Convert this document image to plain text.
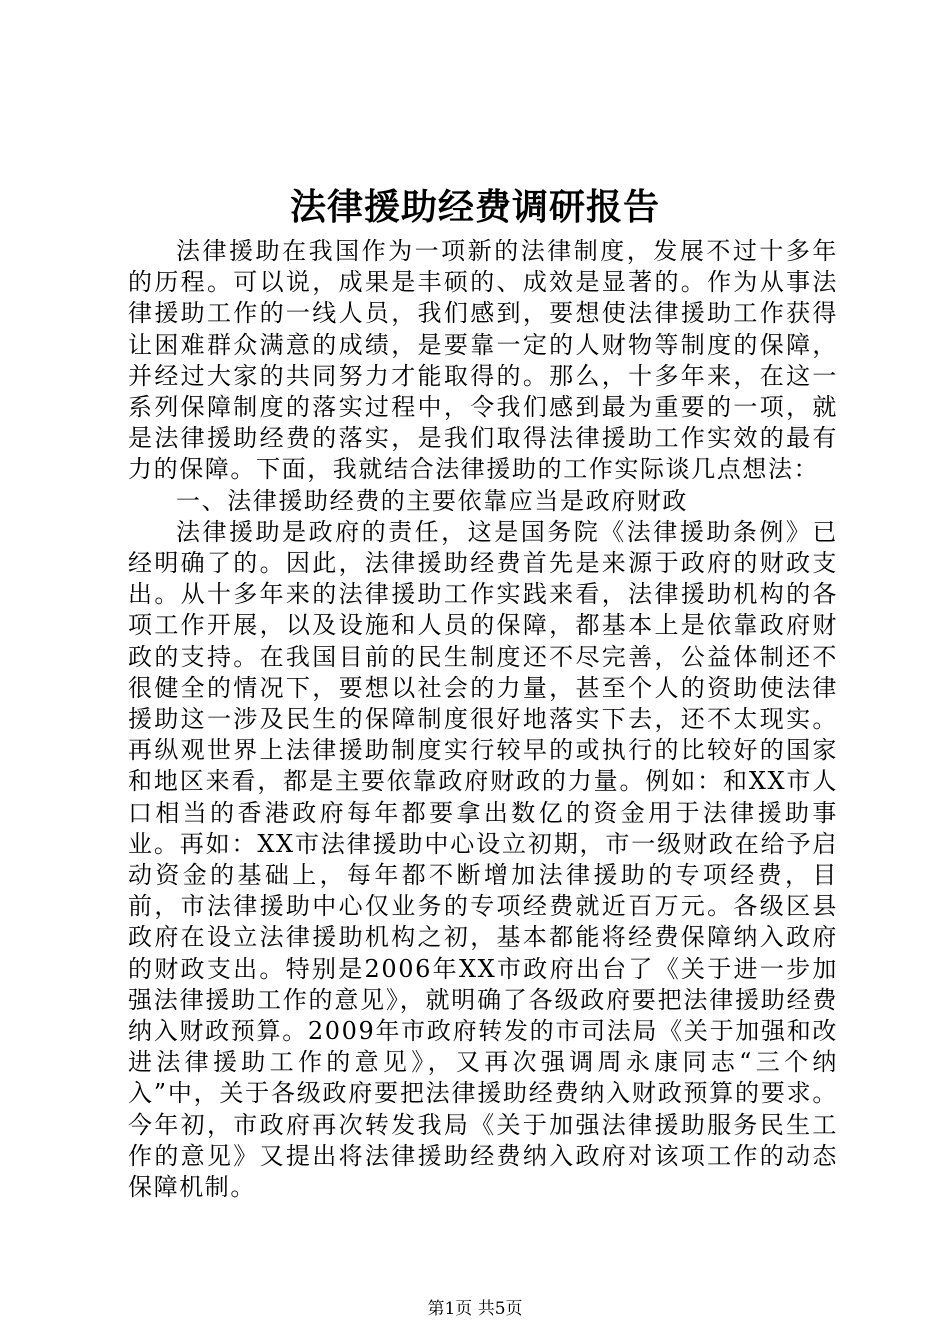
法律援助经费调研报告

法律援助在我国作为一项新的法律制度，发展不过十多年的历程。可以说，成果是丰硕的、成效是显著的。作为从事法律援助工作的一线人员，我们感到，要想使法律援助工作获得让困难群众满意的成绩，是要靠一定的人财物等制度的保障，并经过大家的共同努力才能取得的。那么，十多年来，在这一系列保障制度的落实过程中，令我们感到最为重要的一项，就是法律援助经费的落实，是我们取得法律援助工作实效的最有力的保障。下面，我就结合法律援助的工作实际谈几点想法：

一、法律援助经费的主要依靠应当是政府财政

法律援助是政府的责任，这是国务院《法律援助条例》已经明确了的。因此，法律援助经费首先是来源于政府的财政支出。从十多年来的法律援助工作实践来看，法律援助机构的各项工作开展，以及设施和人员的保障，都基本上是依靠政府财政的支持。在我国目前的民生制度还不尽完善，公益体制还不很健全的情况下，要想以社会的力量，甚至个人的资助使法律援助这一涉及民生的保障制度很好地落实下去，还不太现实。再纵观世界上法律援助制度实行较早的或执行的比较好的国家和地区来看，都是主要依靠政府财政的力量。例如：和XX市人口相当的香港政府每年都要拿出数亿的资金用于法律援助事业。再如：XX市法律援助中心设立初期，市一级财政在给予启动资金的基础上，每年都不断增加法律援助的专项经费，目前，市法律援助中心仅业务的专项经费就近百万元。各级区县政府在设立法律援助机构之初，基本都能将经费保障纳入政府的财政支出。特别是2006年XX市政府出台了《关于进一步加强法律援助工作的意见》，就明确了各级政府要把法律援助经费纳入财政预算。2009年市政府转发的市司法局《关于加强和改进法律援助工作的意见》，又再次强调周永康同志“三个纳入”中，关于各级政府要把法律援助经费纳入财政预算的要求。今年初，市政府再次转发我局《关于加强法律援助服务民生工作的意见》又提出将法律援助经费纳入政府对该项工作的动态保障机制。

第1页 共5页
